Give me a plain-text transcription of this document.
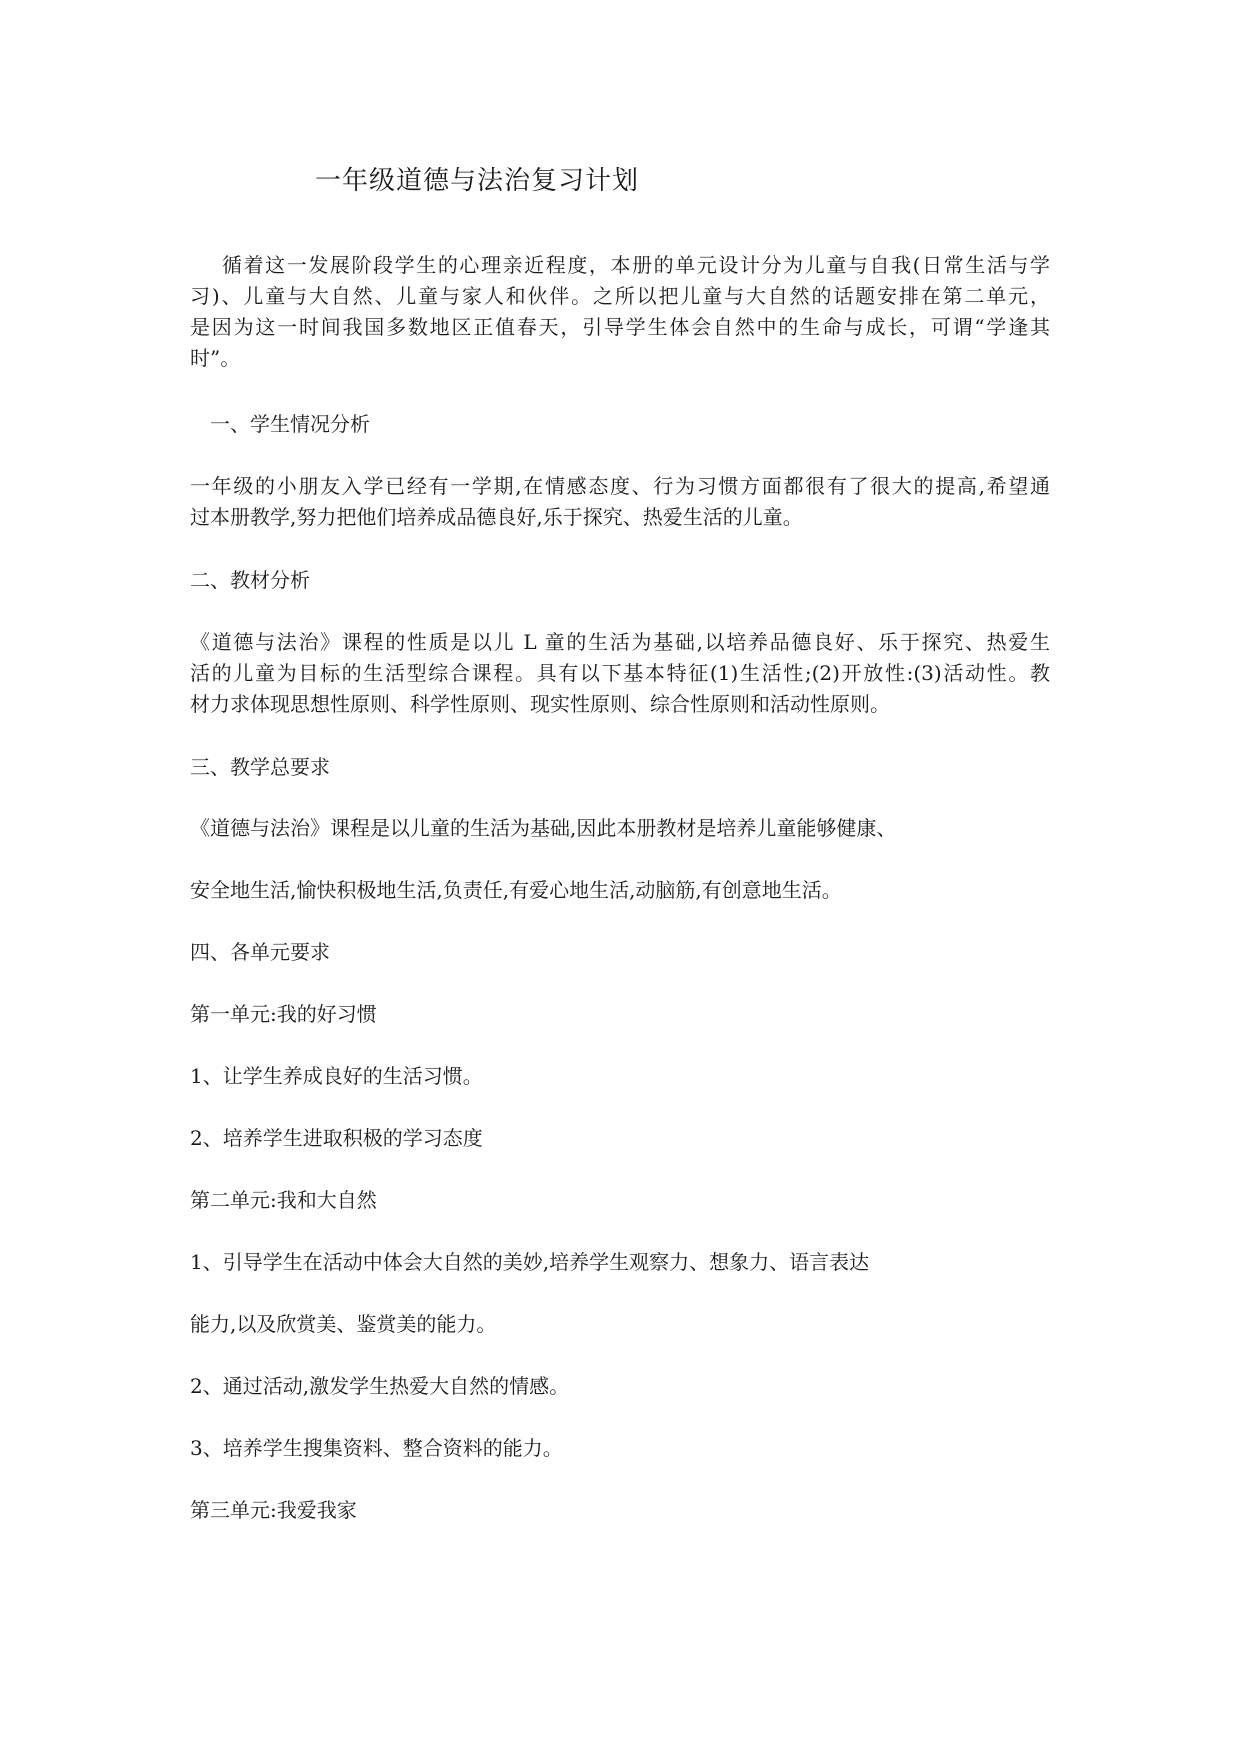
一年级道德与法治复习计划
循着这一发展阶段学生的心理亲近程度，本册的单元设计分为儿童与自我(日常生活与学
习)、儿童与大自然、儿童与家人和伙伴。之所以把儿童与大自然的话题安排在第二单元，
是因为这一时间我国多数地区正值春天，引导学生体会自然中的生命与成长，可谓“学逢其
时”。
一、学生情况分析
一年级的小朋友入学已经有一学期,在情感态度、行为习惯方面都很有了很大的提高,希望通
过本册教学,努力把他们培养成品德良好,乐于探究、热爱生活的儿童。
二、教材分析
《道德与法治》课程的性质是以儿 L 童的生活为基础,以培养品德良好、乐于探究、热爱生
活的儿童为目标的生活型综合课程。具有以下基本特征(1)生活性;(2)开放性:(3)活动性。教
材力求体现思想性原则、科学性原则、现实性原则、综合性原则和活动性原则。
三、教学总要求
《道德与法治》课程是以儿童的生活为基础,因此本册教材是培养儿童能够健康、
安全地生活,愉快积极地生活,负责任,有爱心地生活,动脑筋,有创意地生活。
四、各单元要求
第一单元:我的好习惯
1、让学生养成良好的生活习惯。
2、培养学生进取积极的学习态度
第二单元:我和大自然
1、引导学生在活动中体会大自然的美妙,培养学生观察力、想象力、语言表达
能力,以及欣赏美、鉴赏美的能力。
2、通过活动,激发学生热爱大自然的情感。
3、培养学生搜集资料、整合资料的能力。
第三单元:我爱我家
